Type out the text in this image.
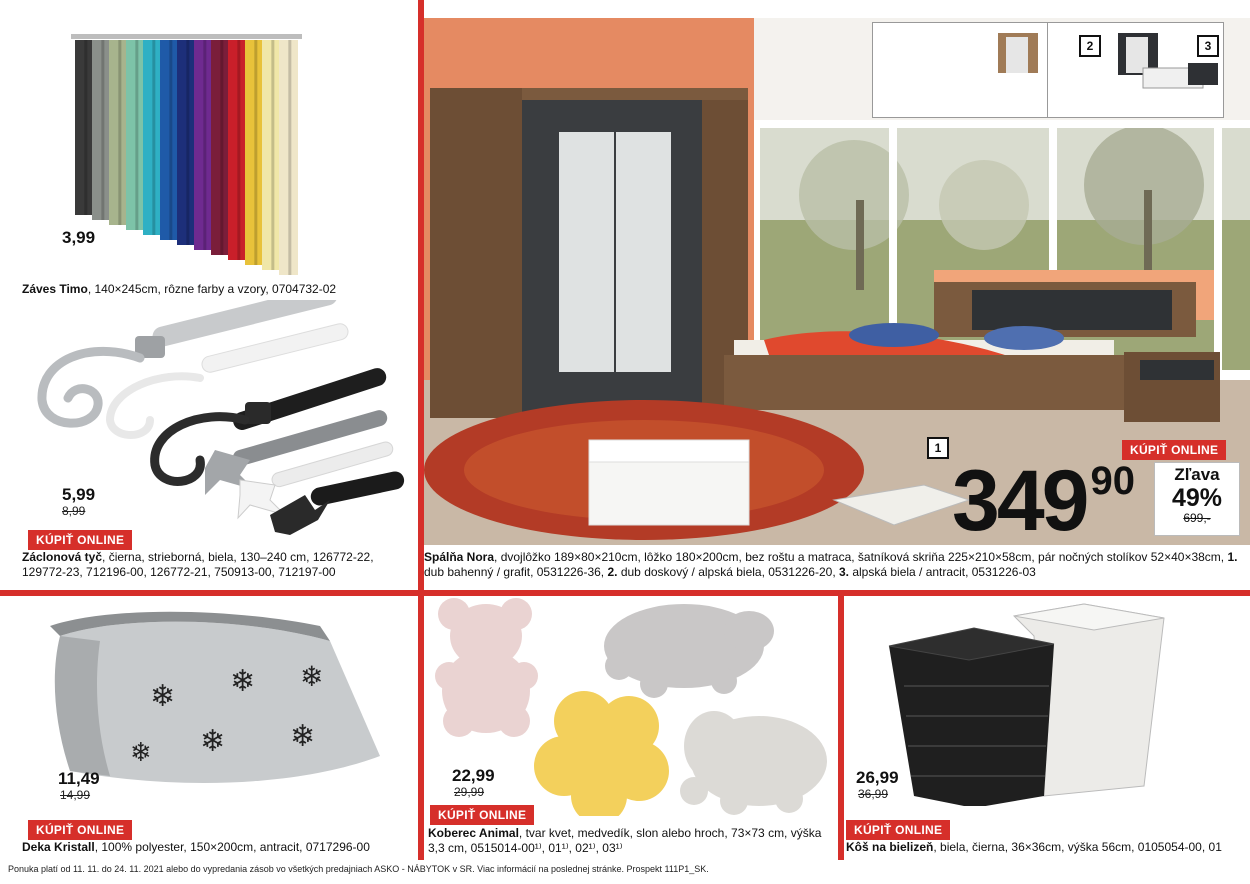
3,99
Záves Timo, 140×245cm, rôzne farby a vzory, 0704732-02
5,99
8,99
KÚPIŤ ONLINE
Záclonová tyč, čierna, strieborná, biela, 130–240 cm, 126772-22, 129772-23, 712196-00, 126772-21, 750913-00, 712197-00
2	3
1	KÚPIŤ ONLINE
349 90	Zľava
49%
699,-
Spálňa Nora, dvojlôžko 189×80×210cm, lôžko 180×200cm, bez roštu a matraca, šatníková skriňa 225×210×58cm, pár nočných stolíkov 52×40×38cm, 1. dub bahenný / grafit, 0531226-36, 2. dub doskový / alpská biela, 0531226-20, 3. alpská biela / antracit, 0531226-03
❄ ❄ ❄
❄ ❄
❄
11,49
14,99
KÚPIŤ ONLINE
Deka Kristall, 100% polyester, 150×200cm, antracit, 0717296-00
22,99
29,99
KÚPIŤ ONLINE
Koberec Animal, tvar kvet, medvedík, slon alebo hroch, 73×73 cm, výška 3,3 cm, 0515014-00¹⁾, 01¹⁾, 02¹⁾, 03¹⁾
26,99
36,99
KÚPIŤ ONLINE
Kôš na bielizeň, biela, čierna, 36×36cm, výška 56cm, 0105054-00, 01
Ponuka platí od 11. 11. do 24. 11. 2021 alebo do vypredania zásob vo všetkých predajniach ASKO - NÁBYTOK v SR. Viac informácií na poslednej stránke. Prospekt 111P1_SK.
